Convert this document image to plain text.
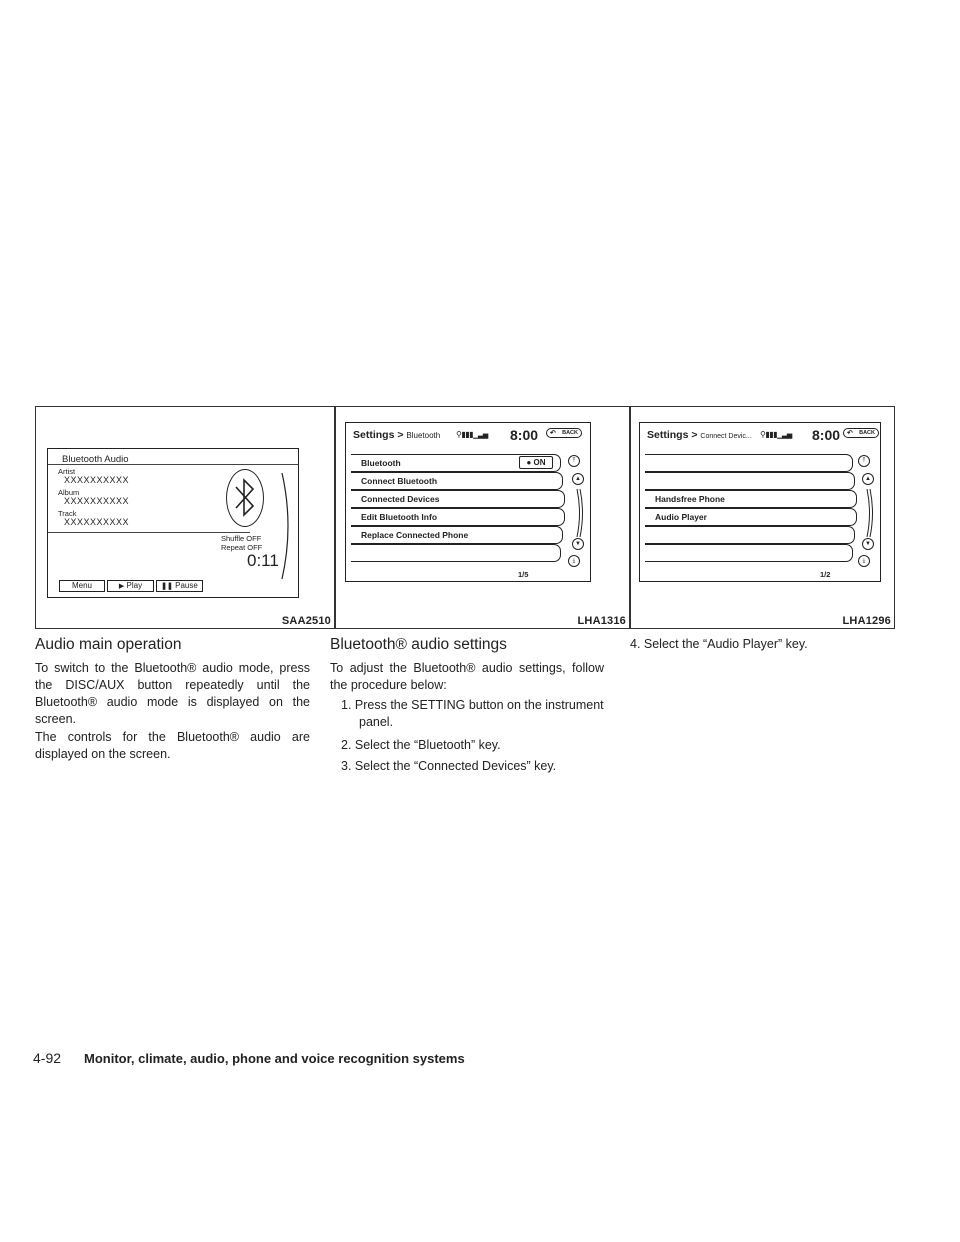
Bluetooth Audio
Artist
XXXXXXXXXX
Album
XXXXXXXXXX
Track
XXXXXXXXXX
Shuffle OFF
Repeat OFF
0:11
Menu	▶ Play	❚❚ Pause
SAA2510
Settings > Bluetooth ⚲▮▮▮▁▃▅ 8:00 ↶ BACK
Bluetooth	● ON
Connect Bluetooth
Connected Devices
Edit Bluetooth Info
Replace Connected Phone
⤒
▲
▼
⤓
1/5
LHA1316
Settings > Connect Devic... ⚲▮▮▮▁▃▅ 8:00 ↶ BACK
Handsfree Phone
Audio Player
⤒
▲
▼
⤓
1/2
LHA1296
Audio main operation

To switch to the Bluetooth® audio mode, press the DISC/AUX button repeatedly until the Bluetooth® audio mode is displayed on the screen.

The controls for the Bluetooth® audio are displayed on the screen.

Bluetooth® audio settings

To adjust the Bluetooth® audio settings, follow the procedure below:

1. Press the SETTING button on the instrument panel.

2. Select the “Bluetooth” key.

3. Select the “Connected Devices” key.

4. Select the “Audio Player” key.

4-92 Monitor, climate, audio, phone and voice recognition systems
